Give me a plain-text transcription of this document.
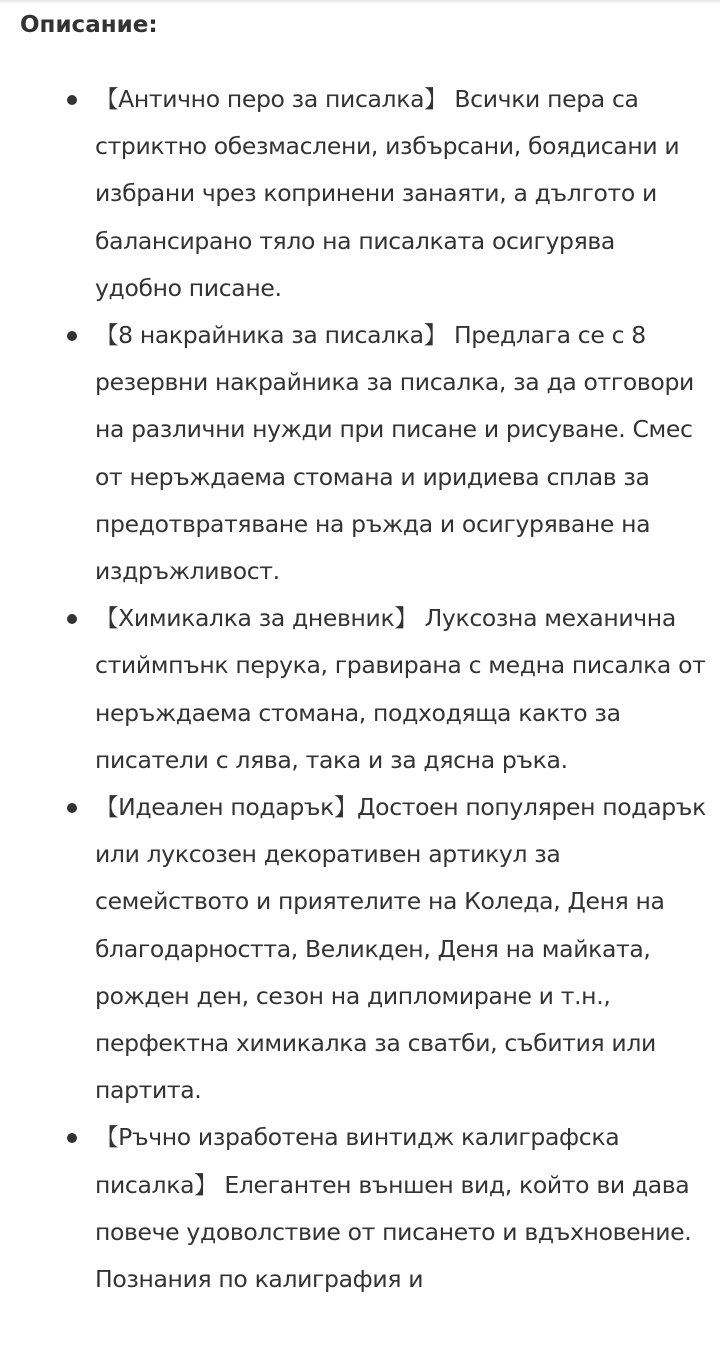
Описание:
【Антично перо за писалка】 Всички пера са стриктно обезмаслени, избърсани, боядисани и избрани чрез копринени занаяти, а дългото и балансирано тяло на писалката осигурява удобно писане.
【8 накрайника за писалка】 Предлага се с 8 резервни накрайника за писалка, за да отговори на различни нужди при писане и рисуване. Смес от неръждаема стомана и иридиева сплав за предотвратяване на ръжда и осигуряване на издръжливост.
【Химикалка за дневник】 Луксозна механична стиймпънк перука, гравирана с медна писалка от неръждаема стомана, подходяща както за писатели с лява, така и за дясна ръка.
【Идеален подарък】Достоен популярен подарък или луксозен декоративен артикул за семейството и приятелите на Коледа, Деня на благодарността, Великден, Деня на майката, рожден ден, сезон на дипломиране и т.н., перфектна химикалка за сватби, събития или партита.
【Ръчно изработена винтидж калиграфска писалка】 Елегантен външен вид, който ви дава повече удоволствие от писането и вдъхновение. Познания по калиграфия и
